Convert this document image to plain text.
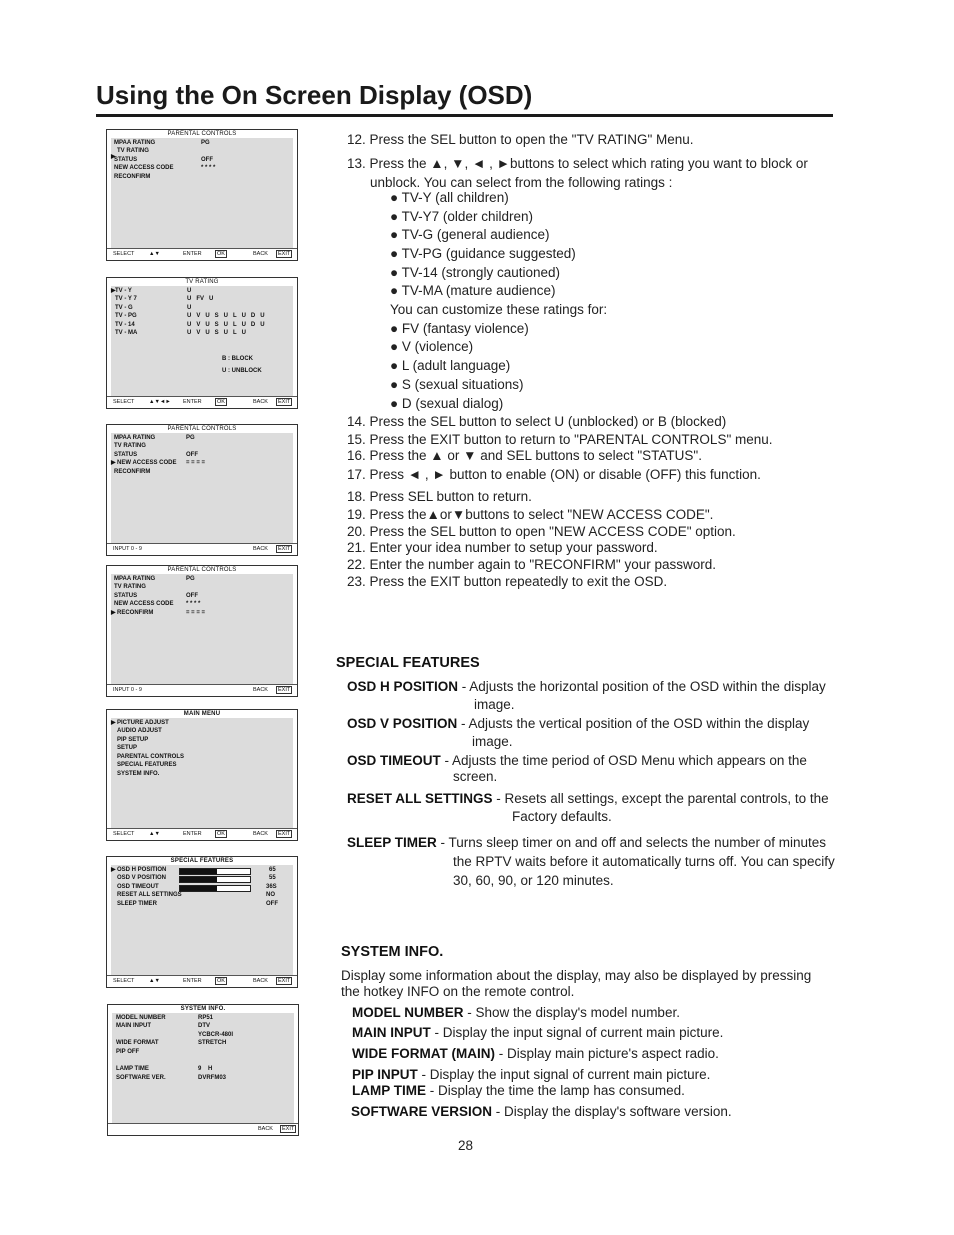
Using the On Screen Display (OSD)
PARENTAL CONTROLS
▶
MPAA RATING	PG
TV RATING
STATUS	OFF
NEW ACCESS CODE	* * * *
RECONFIRM
SELECT	▲▼	ENTER	OK	BACK	EXIT
TV RATING
▶ TV - Y	U
TV - Y 7	U   FV   U
TV - G	U
TV - PG	U   V   U   S   U   L   U   D   U
TV - 14	U   V   U   S   U   L   U   D   U
TV - MA	U   V   U   S   U   L   U
B : BLOCK
U : UNBLOCK
SELECT	▲▼◄► ENTER	OK	BACK	EXIT
PARENTAL CONTROLS
MPAA RATING	PG
TV RATING
STATUS	OFF
▶ NEW ACCESS CODE = = = =
RECONFIRM
INPUT 0 - 9	BACK	EXIT
PARENTAL CONTROLS
MPAA RATING	PG
TV RATING
STATUS	OFF
NEW ACCESS CODE * * * *
▶ RECONFIRM	= = = =
INPUT 0 - 9	BACK	EXIT
MAIN MENU
▶ PICTURE ADJUST
AUDIO ADJUST
PIP SETUP
SETUP
PARENTAL CONTROLS
SPECIAL FEATURES
SYSTEM INFO.
SELECT	▲▼	ENTER	OK	BACK	EXIT
SPECIAL FEATURES
▶ OSD H POSITION	65
OSD V POSITION	55
OSD TIMEOUT	36S
RESET ALL SETTINGS	NO
SLEEP TIMER	OFF
SELECT	▲▼	ENTER	OK	BACK	EXIT
SYSTEM INFO.
MODEL NUMBER	RP51
MAIN INPUT	DTV
YCBCR-480I
WIDE FORMAT	STRETCH
PIP OFF
LAMP TIME	9    H
SOFTWARE VER.	DVRFM03
BACK	EXIT
12. Press the SEL button to open the "TV RATING" Menu.
13. Press the ▲, ▼, ◄ , ►buttons to select which rating you want to block or
unblock. You can select from the following ratings :
● TV-Y (all children)
● TV-Y7 (older children)
● TV-G (general audience)
● TV-PG (guidance suggested)
● TV-14 (strongly cautioned)
● TV-MA (mature audience)
You can customize these ratings for:
● FV (fantasy violence)
● V (violence)
● L (adult language)
● S (sexual situations)
● D (sexual dialog)
14. Press the SEL button to select U (unblocked) or B (blocked)
15. Press the EXIT button to return to "PARENTAL CONTROLS" menu.
16. Press the ▲ or ▼ and SEL buttons to select "STATUS".
17. Press ◄ , ► button to enable (ON) or disable (OFF) this function.
18. Press SEL button to return.
19. Press the▲or▼buttons to select "NEW ACCESS CODE".
20. Press the SEL button to open "NEW ACCESS CODE" option.
21. Enter your idea number to setup your password.
22. Enter the number again to "RECONFIRM" your password.
23. Press the EXIT button repeatedly to exit the OSD.
SPECIAL FEATURES
OSD H POSITION - Adjusts the horizontal position of the OSD within the display
image.
OSD V POSITION - Adjusts the vertical position of the OSD within the display
image.
OSD TIMEOUT - Adjusts the time period of OSD Menu which appears on the
screen.
RESET ALL SETTINGS - Resets all settings, except the parental controls, to the
Factory defaults.
SLEEP TIMER - Turns sleep timer on and off and selects the number of minutes
the RPTV waits before it automatically turns off. You can specify
30, 60, 90, or 120 minutes.
SYSTEM INFO.
Display some information about the display, may also be displayed by pressing
the hotkey INFO on the remote control.
MODEL NUMBER - Show the display's model number.
MAIN INPUT - Display the input signal of current main picture.
WIDE FORMAT (MAIN) - Display main picture's aspect radio.
PIP INPUT - Display the input signal of current main picture.
LAMP TIME - Display the time the lamp has consumed.
SOFTWARE VERSION - Display the display's software version.
28
